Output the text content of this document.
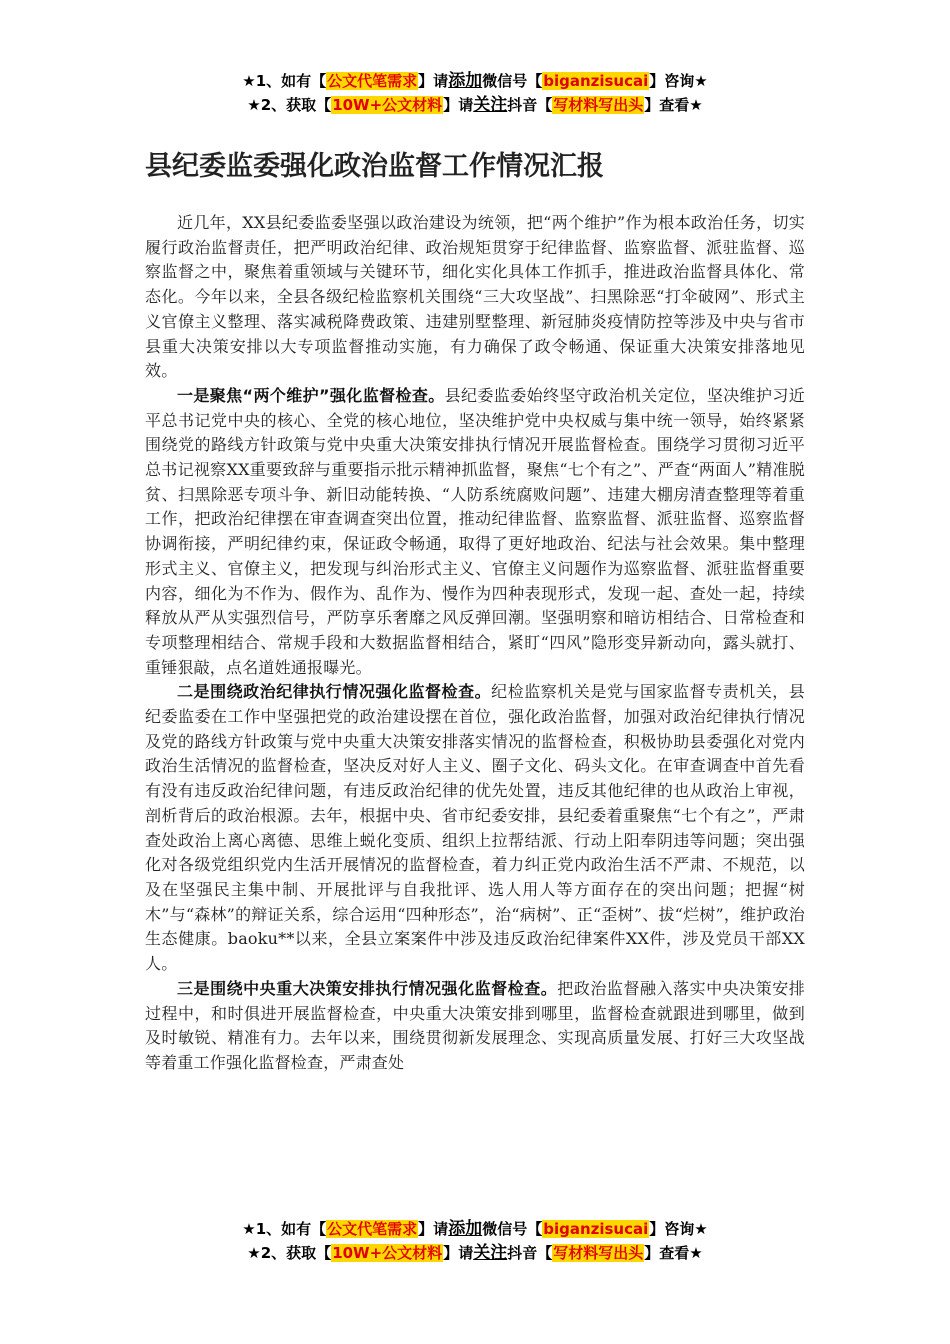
★1、如有【公文代笔需求】请添加微信号【biganzisucai】咨询★
★2、获取【10W+公文材料】请关注抖音【写材料写出头】查看★
县纪委监委强化政治监督工作情况汇报

近几年，XX县纪委监委坚强以政治建设为统领，把“两个维护”作为根本政治任务，切实履行政治监督责任，把严明政治纪律、政治规矩贯穿于纪律监督、监察监督、派驻监督、巡察监督之中，聚焦着重领域与关键环节，细化实化具体工作抓手，推进政治监督具体化、常态化。今年以来，全县各级纪检监察机关围绕“三大攻坚战”、扫黑除恶“打伞破网”、形式主义官僚主义整理、落实减税降费政策、违建别墅整理、新冠肺炎疫情防控等涉及中央与省市县重大决策安排以大专项监督推动实施，有力确保了政令畅通、保证重大决策安排落地见效。

一是聚焦“两个维护”强化监督检查。县纪委监委始终坚守政治机关定位，坚决维护习近平总书记党中央的核心、全党的核心地位，坚决维护党中央权威与集中统一领导，始终紧紧围绕党的路线方针政策与党中央重大决策安排执行情况开展监督检查。围绕学习贯彻习近平总书记视察XX重要致辞与重要指示批示精神抓监督，聚焦“七个有之”、严查“两面人”精准脱贫、扫黑除恶专项斗争、新旧动能转换、“人防系统腐败问题”、违建大棚房清查整理等着重工作，把政治纪律摆在审查调查突出位置，推动纪律监督、监察监督、派驻监督、巡察监督协调衔接，严明纪律约束，保证政令畅通，取得了更好地政治、纪法与社会效果。集中整理形式主义、官僚主义，把发现与纠治形式主义、官僚主义问题作为巡察监督、派驻监督重要内容，细化为不作为、假作为、乱作为、慢作为四种表现形式，发现一起、查处一起，持续释放从严从实强烈信号，严防享乐奢靡之风反弹回潮。坚强明察和暗访相结合、日常检查和专项整理相结合、常规手段和大数据监督相结合，紧盯“四风”隐形变异新动向，露头就打、重锤狠敲，点名道姓通报曝光。

二是围绕政治纪律执行情况强化监督检查。纪检监察机关是党与国家监督专责机关，县纪委监委在工作中坚强把党的政治建设摆在首位，强化政治监督，加强对政治纪律执行情况及党的路线方针政策与党中央重大决策安排落实情况的监督检查，积极协助县委强化对党内政治生活情况的监督检查，坚决反对好人主义、圈子文化、码头文化。在审查调查中首先看有没有违反政治纪律问题，有违反政治纪律的优先处置，违反其他纪律的也从政治上审视，剖析背后的政治根源。去年，根据中央、省市纪委安排，县纪委着重聚焦“七个有之”，严肃查处政治上离心离德、思维上蜕化变质、组织上拉帮结派、行动上阳奉阴违等问题；突出强化对各级党组织党内生活开展情况的监督检查，着力纠正党内政治生活不严肃、不规范，以及在坚强民主集中制、开展批评与自我批评、选人用人等方面存在的突出问题；把握“树木”与“森林”的辩证关系，综合运用“四种形态”，治“病树”、正“歪树”、拔“烂树”，维护政治生态健康。baoku**以来，全县立案案件中涉及违反政治纪律案件XX件，涉及党员干部XX人。

三是围绕中央重大决策安排执行情况强化监督检查。把政治监督融入落实中央决策安排过程中，和时俱进开展监督检查，中央重大决策安排到哪里，监督检查就跟进到哪里，做到及时敏锐、精准有力。去年以来，围绕贯彻新发展理念、实现高质量发展、打好三大攻坚战等着重工作强化监督检查，严肃查处

★1、如有【公文代笔需求】请添加微信号【biganzisucai】咨询★
★2、获取【10W+公文材料】请关注抖音【写材料写出头】查看★
